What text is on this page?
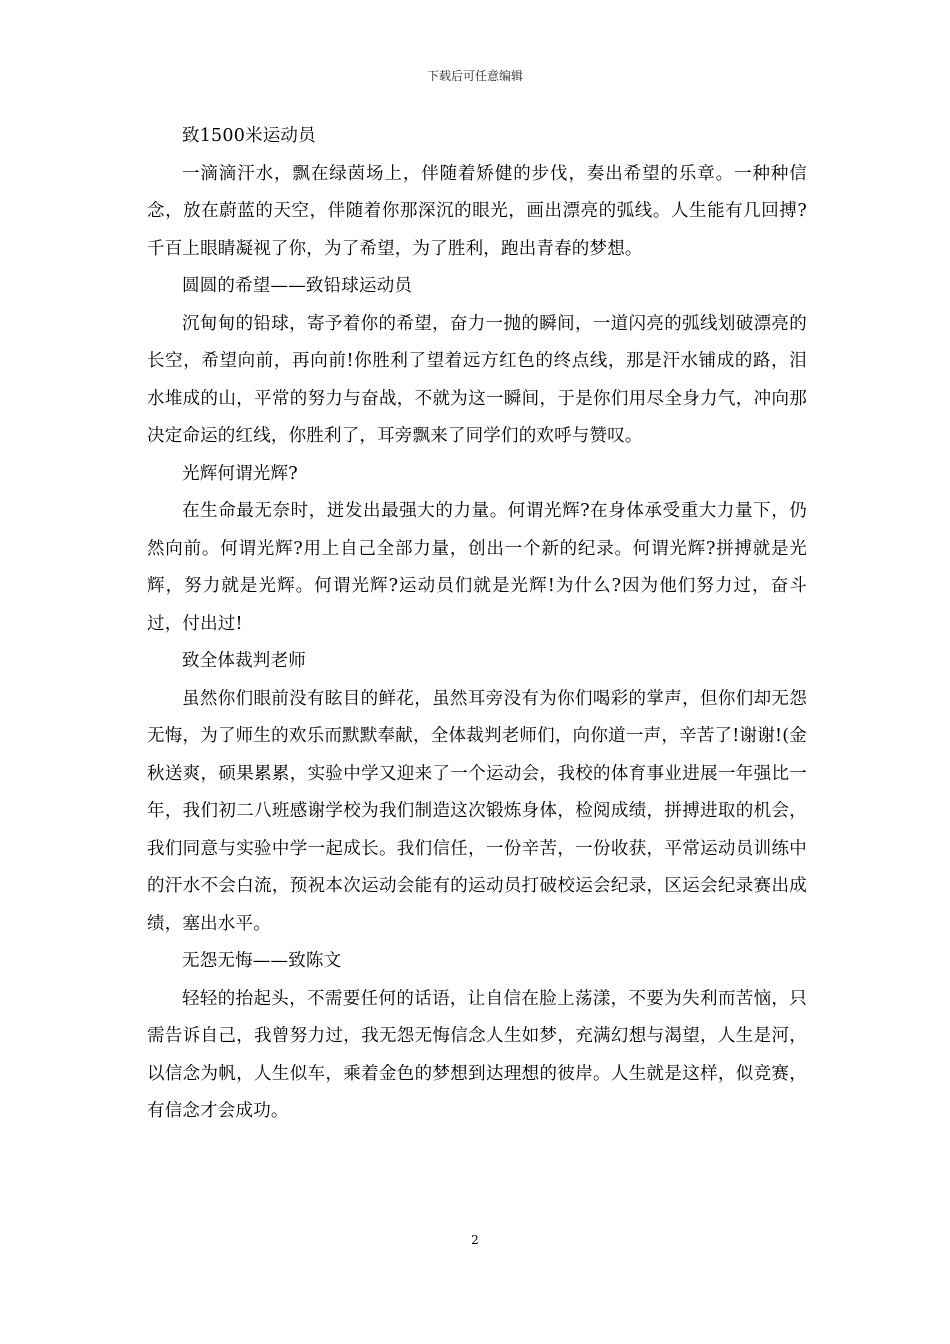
下载后可任意编辑

致1500米运动员

一滴滴汗水，飘在绿茵场上，伴随着矫健的步伐，奏出希望的乐章。一种种信念，放在蔚蓝的天空，伴随着你那深沉的眼光，画出漂亮的弧线。人生能有几回搏?千百上眼睛凝视了你，为了希望，为了胜利，跑出青春的梦想。

圆圆的希望——致铅球运动员

沉甸甸的铅球，寄予着你的希望，奋力一抛的瞬间，一道闪亮的弧线划破漂亮的长空，希望向前，再向前!你胜利了望着远方红色的终点线，那是汗水铺成的路，泪水堆成的山，平常的努力与奋战，不就为这一瞬间，于是你们用尽全身力气，冲向那决定命运的红线，你胜利了，耳旁飘来了同学们的欢呼与赞叹。

光辉何谓光辉?

在生命最无奈时，迸发出最强大的力量。何谓光辉?在身体承受重大力量下，仍然向前。何谓光辉?用上自己全部力量，创出一个新的纪录。何谓光辉?拼搏就是光辉，努力就是光辉。何谓光辉?运动员们就是光辉!为什么?因为他们努力过，奋斗过，付出过!

致全体裁判老师

虽然你们眼前没有眩目的鲜花，虽然耳旁没有为你们喝彩的掌声，但你们却无怨无悔，为了师生的欢乐而默默奉献，全体裁判老师们，向你道一声，辛苦了!谢谢!(金秋送爽，硕果累累，实验中学又迎来了一个运动会，我校的体育事业进展一年强比一年，我们初二八班感谢学校为我们制造这次锻炼身体，检阅成绩，拼搏进取的机会，我们同意与实验中学一起成长。我们信任，一份辛苦，一份收获，平常运动员训练中的汗水不会白流，预祝本次运动会能有的运动员打破校运会纪录，区运会纪录赛出成绩，塞出水平。

无怨无悔——致陈文

轻轻的抬起头，不需要任何的话语，让自信在脸上荡漾，不要为失利而苦恼，只需告诉自己，我曾努力过，我无怨无悔信念人生如梦，充满幻想与渴望，人生是河，以信念为帆，人生似车，乘着金色的梦想到达理想的彼岸。人生就是这样，似竞赛，有信念才会成功。

2
